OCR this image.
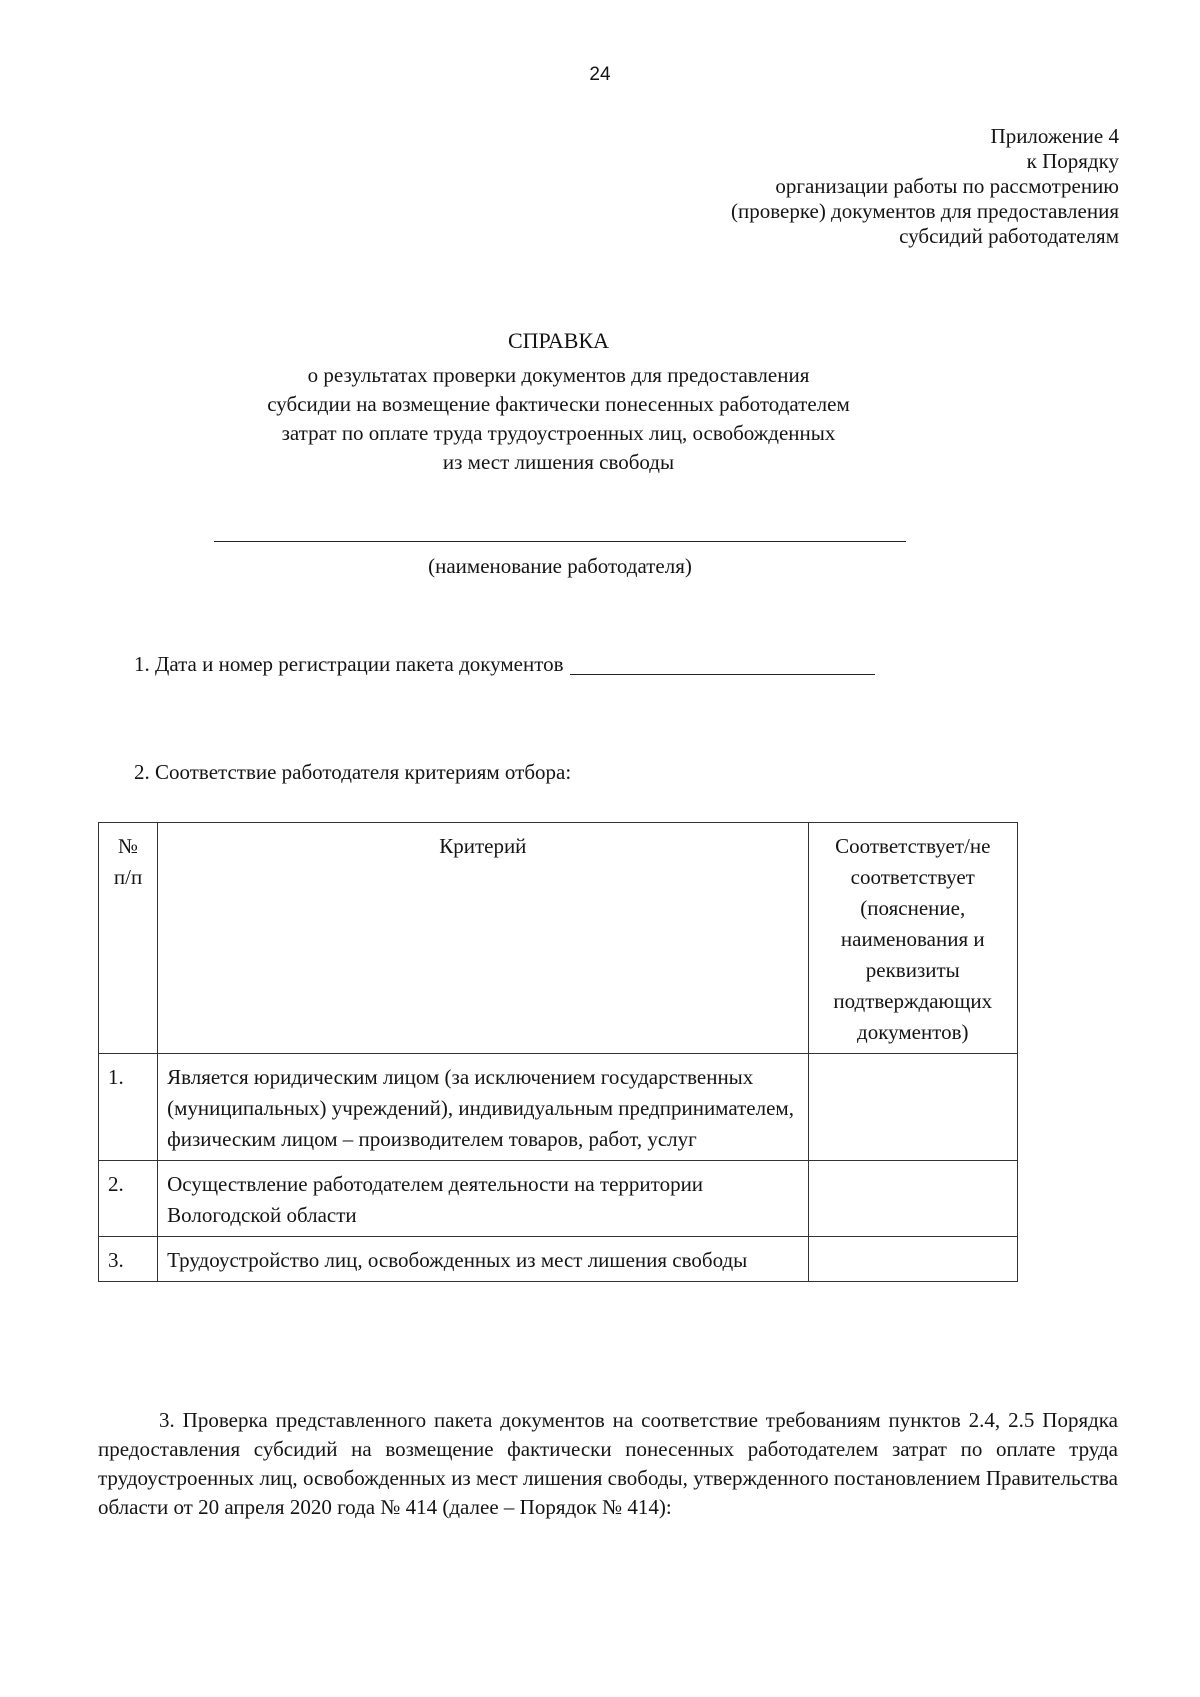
24
Приложение 4
к Порядку
организации работы по рассмотрению
(проверке) документов для предоставления
субсидий работодателям
СПРАВКА
о результатах проверки документов для предоставления
субсидии на возмещение фактически понесенных работодателем
затрат по оплате труда трудоустроенных лиц, освобожденных
из мест лишения свободы
(наименование работодателя)
1. Дата и номер регистрации пакета документов
2. Соответствие работодателя критериям отбора:
№ п/п	Критерий	Соответствует/не соответствует (пояснение, наименования и реквизиты подтверждающих документов)
1.	Является юридическим лицом (за исключением государственных (муниципальных) учреждений), индивидуальным предпринимателем, физическим лицом – производителем товаров, работ, услуг	
2.	Осуществление работодателем деятельности на территории Вологодской области	
3.	Трудоустройство лиц, освобожденных из мест лишения свободы	

3. Проверка представленного пакета документов на соответствие требованиям пунктов 2.4, 2.5 Порядка предоставления субсидий на возмещение фактически понесенных работодателем затрат по оплате труда трудоустроенных лиц, освобожденных из мест лишения свободы, утвержденного постановлением Правительства области от 20 апреля 2020 года № 414 (далее – Порядок № 414):
